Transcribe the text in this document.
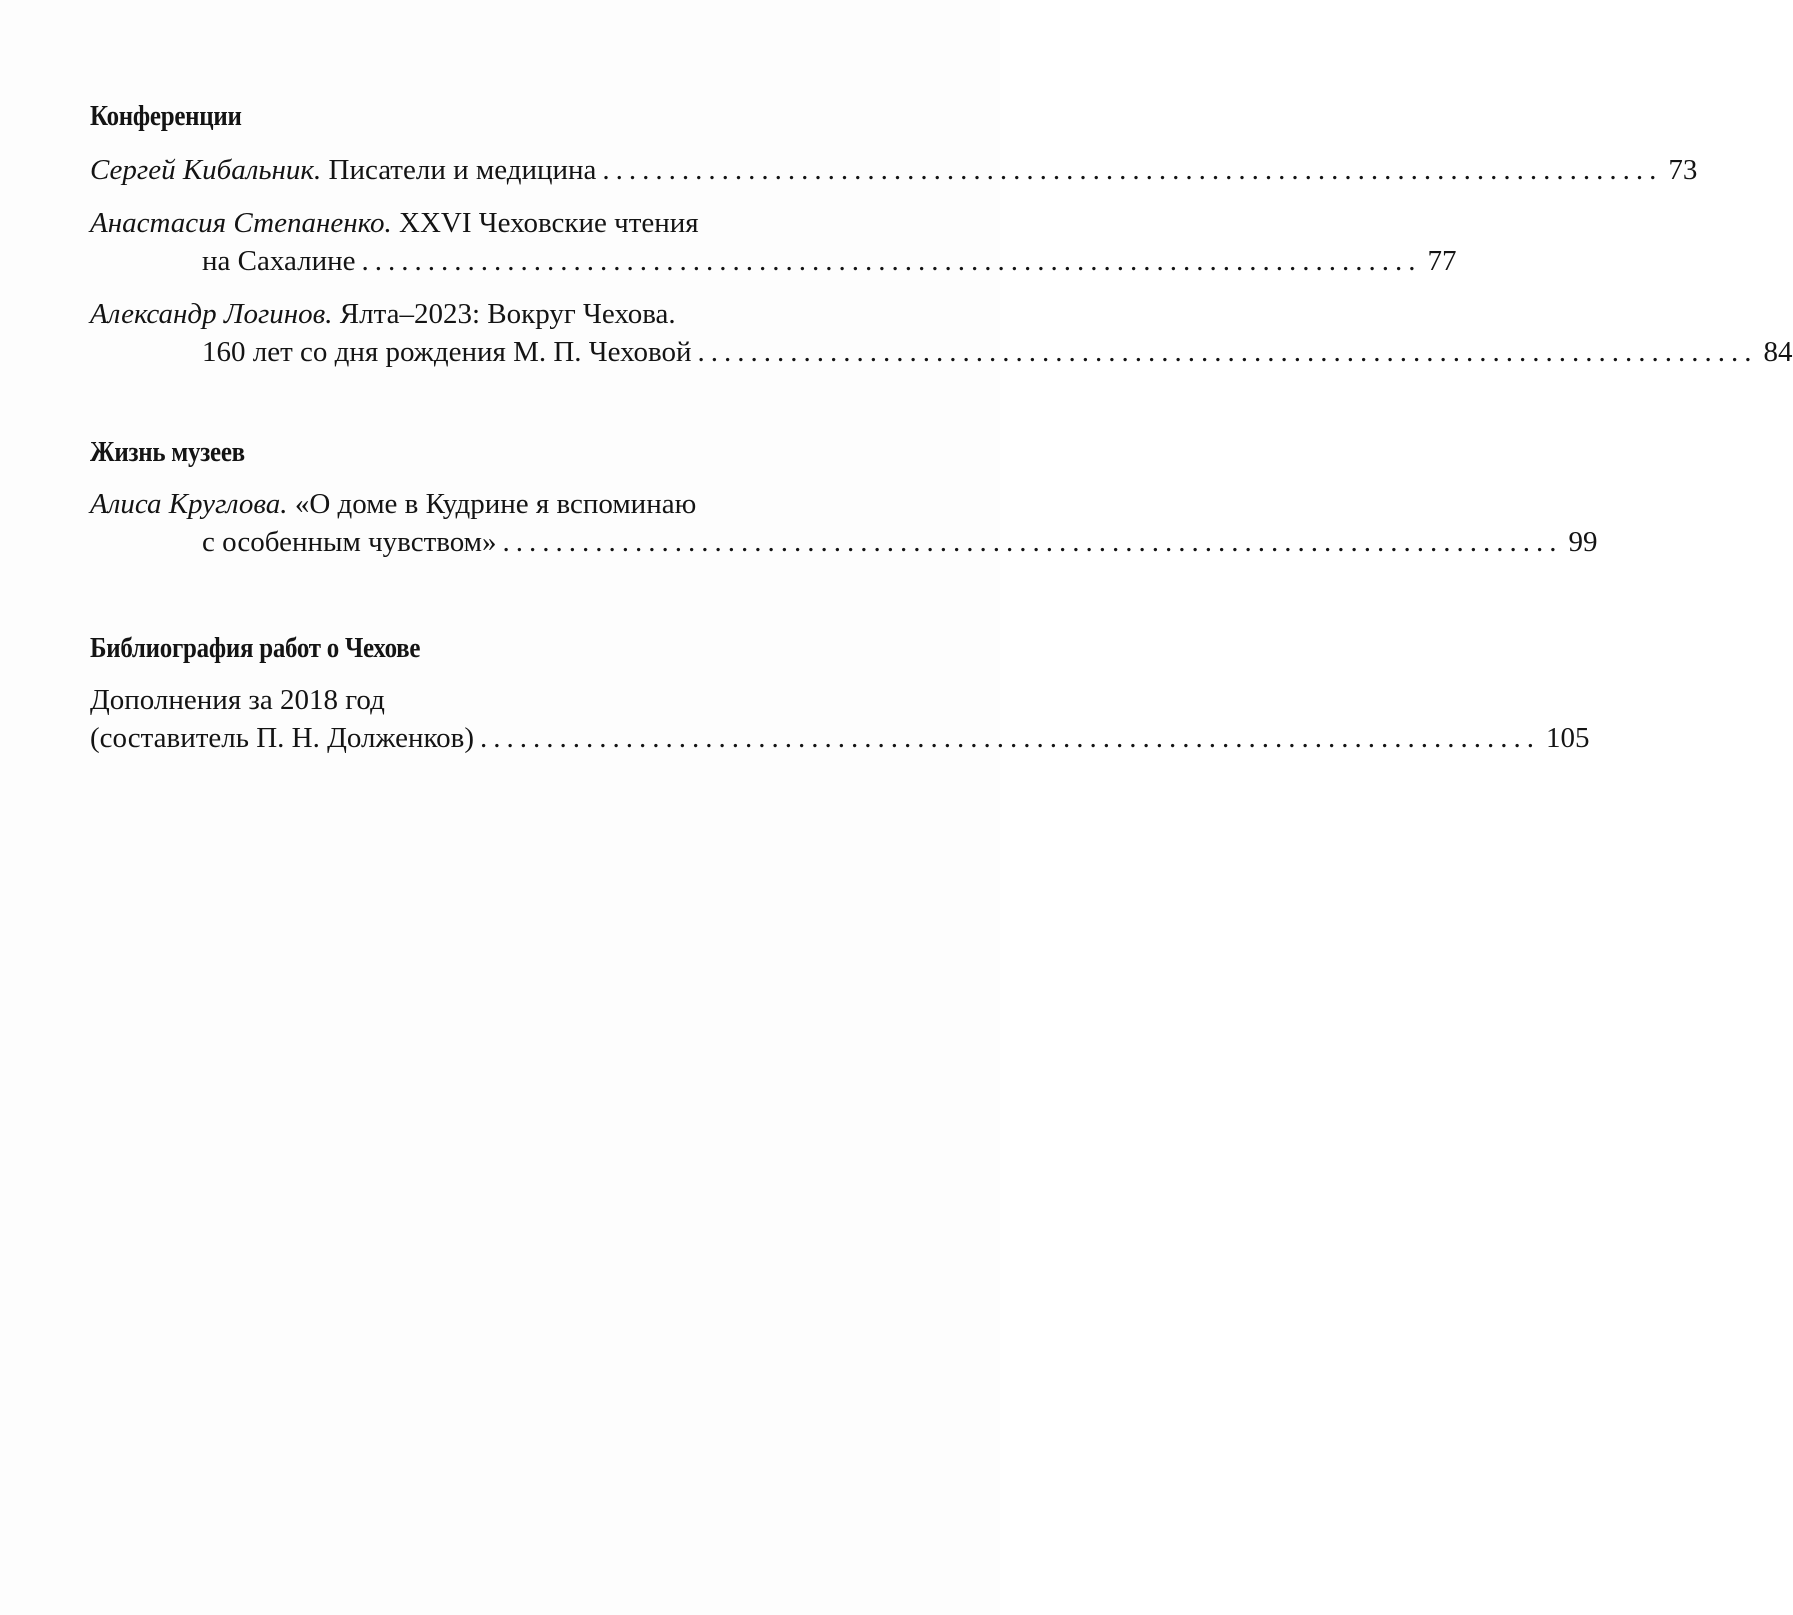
Конференции
Сергей Кибальник. Писатели и медицина ................................................................................ 73
Анастасия Степаненко. XXVI Чеховские чтения
на Сахалине ................................................................................ 77
Александр Логинов. Ялта–2023: Вокруг Чехова.
160 лет со дня рождения М. П. Чеховой ................................................................................ 84
Жизнь музеев
Алиса Круглова. «О доме в Кудрине я вспоминаю
с особенным чувством» ................................................................................ 99
Библиография работ о Чехове
Дополнения за 2018 год
(составитель П. Н. Долженков) ................................................................................ 105
